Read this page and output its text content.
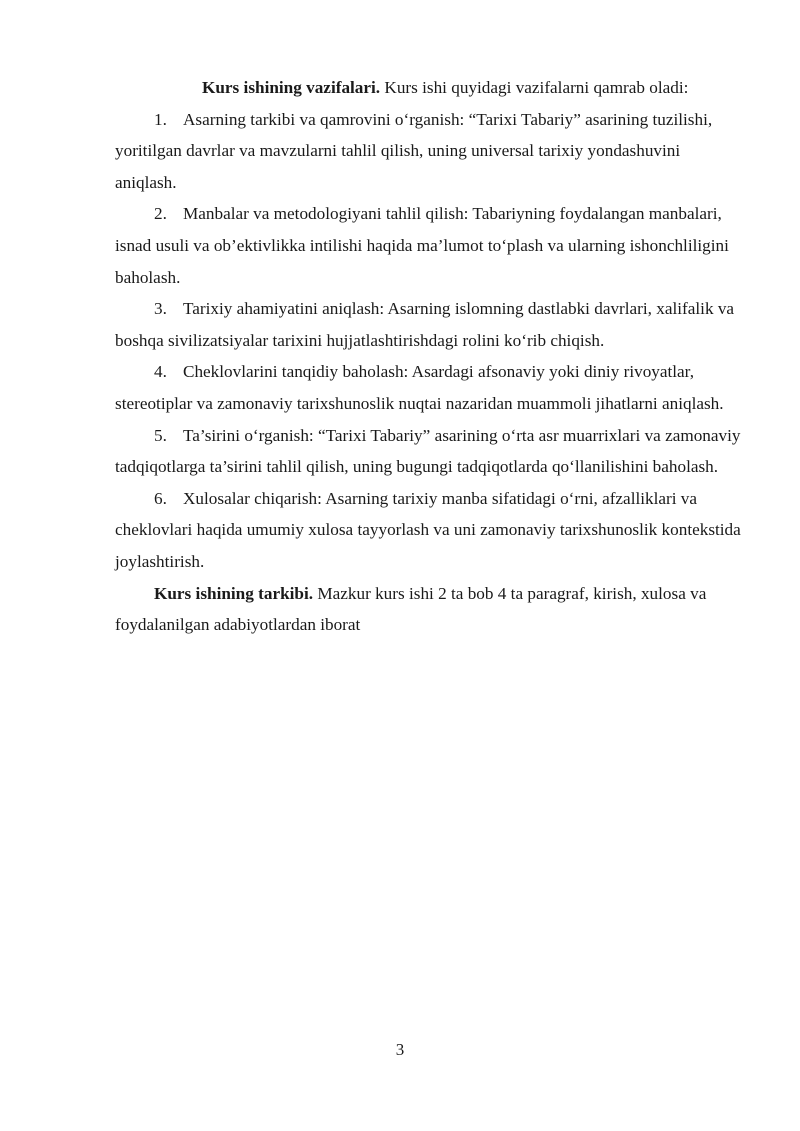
Kurs ishining vazifalari. Kurs ishi quyidagi vazifalarni qamrab oladi:

1. Asarning tarkibi va qamrovini o‘rganish: “Tarixi Tabariy” asarining tuzilishi, yoritilgan davrlar va mavzularni tahlil qilish, uning universal tarixiy yondashuvini aniqlash.

2. Manbalar va metodologiyani tahlil qilish: Tabariyning foydalangan manbalari, isnad usuli va ob’ektivlikka intilishi haqida ma’lumot to‘plash va ularning ishonchliligini baholash.

3. Tarixiy ahamiyatini aniqlash: Asarning islomning dastlabki davrlari, xalifalik va boshqa sivilizatsiyalar tarixini hujjatlashtirishdagi rolini ko‘rib chiqish.

4. Cheklovlarini tanqidiy baholash: Asardagi afsonaviy yoki diniy rivoyatlar, stereotiplar va zamonaviy tarixshunoslik nuqtai nazaridan muammoli jihatlarni aniqlash.

5. Ta’sirini o‘rganish: “Tarixi Tabariy” asarining o‘rta asr muarrixlari va zamonaviy tadqiqotlarga ta’sirini tahlil qilish, uning bugungi tadqiqotlarda qo‘llanilishini baholash.

6. Xulosalar chiqarish: Asarning tarixiy manba sifatidagi o‘rni, afzalliklari va cheklovlari haqida umumiy xulosa tayyorlash va uni zamonaviy tarixshunoslik kontekstida joylashtirish.

Kurs ishining tarkibi. Mazkur kurs ishi 2 ta bob 4 ta paragraf, kirish, xulosa va foydalanilgan adabiyotlardan iborat

3
